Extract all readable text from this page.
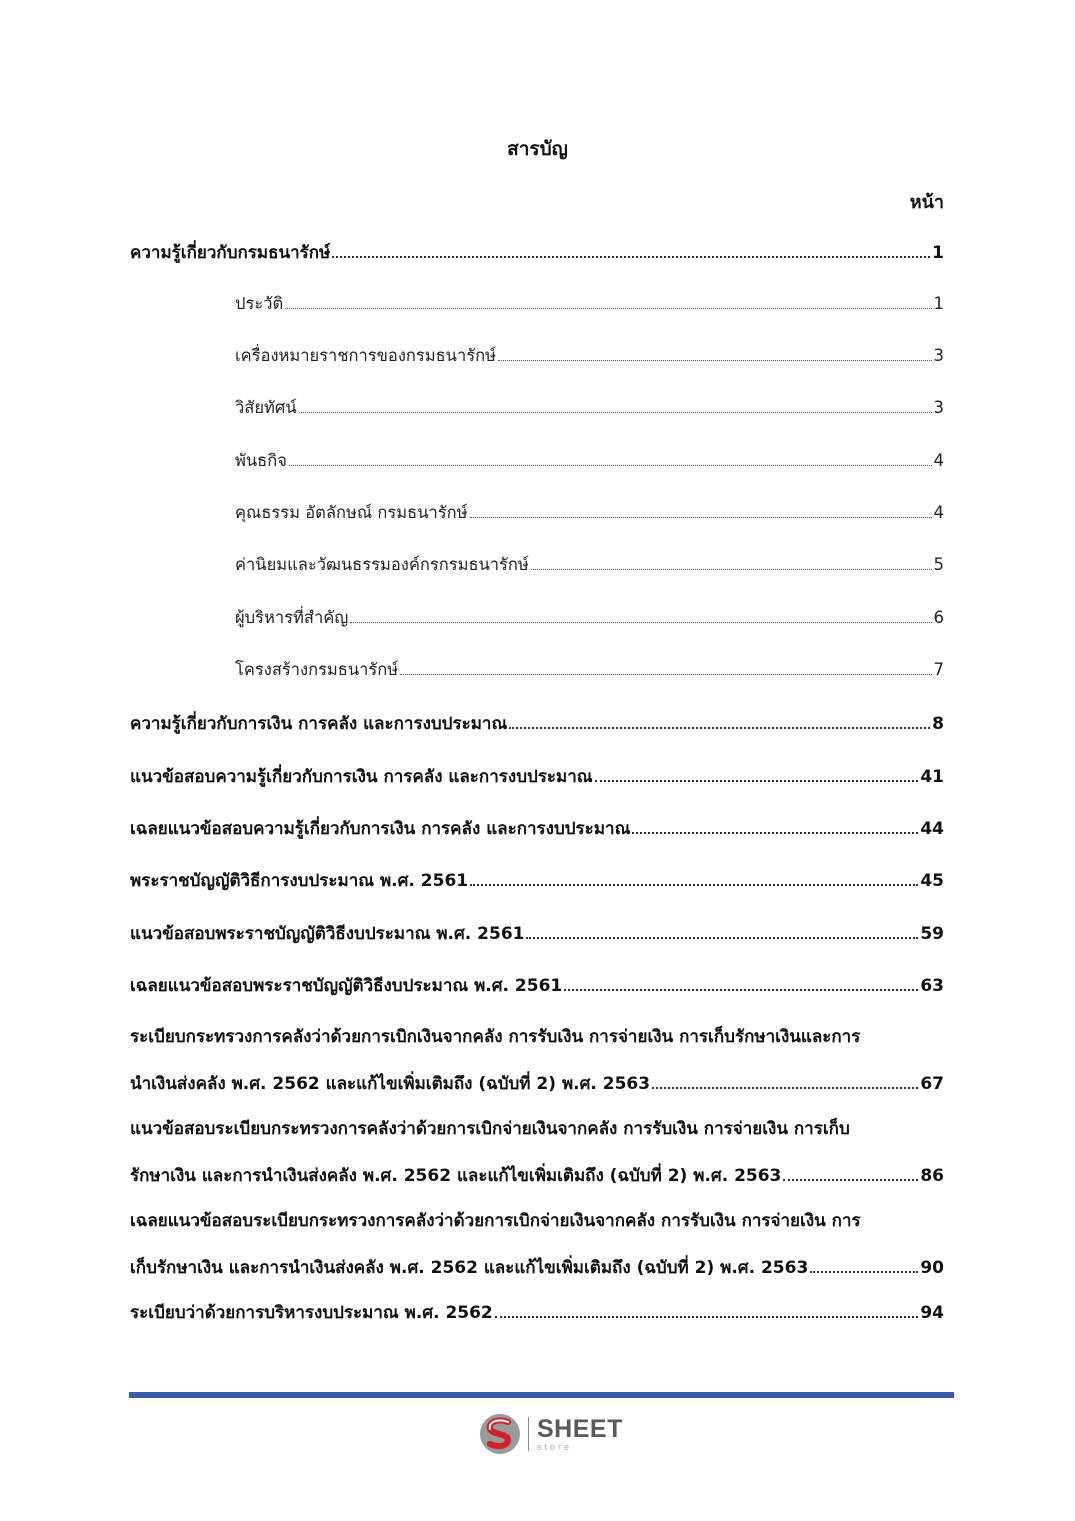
สารบัญ
หน้า
ความรู้เกี่ยวกับกรมธนารักษ์	1
ประวัติ	1
เครื่องหมายราชการของกรมธนารักษ์	3
วิสัยทัศน์	3
พันธกิจ	4
คุณธรรม อัตลักษณ์ กรมธนารักษ์	4
ค่านิยมและวัฒนธรรมองค์กรกรมธนารักษ์	5
ผู้บริหารที่สำคัญ	6
โครงสร้างกรมธนารักษ์	7
ความรู้เกี่ยวกับการเงิน การคลัง และการงบประมาณ	8
แนวข้อสอบความรู้เกี่ยวกับการเงิน การคลัง และการงบประมาณ	41
เฉลยแนวข้อสอบความรู้เกี่ยวกับการเงิน การคลัง และการงบประมาณ	44
พระราชบัญญัติวิธีการงบประมาณ พ.ศ. 2561	45
แนวข้อสอบพระราชบัญญัติวิธีงบประมาณ พ.ศ. 2561	59
เฉลยแนวข้อสอบพระราชบัญญัติวิธีงบประมาณ พ.ศ. 2561	63
ระเบียบกระทรวงการคลังว่าด้วยการเบิกเงินจากคลัง การรับเงิน การจ่ายเงิน การเก็บรักษาเงินและการ
นำเงินส่งคลัง พ.ศ. 2562 และแก้ไขเพิ่มเติมถึง (ฉบับที่ 2) พ.ศ. 2563	67
แนวข้อสอบระเบียบกระทรวงการคลังว่าด้วยการเบิกจ่ายเงินจากคลัง การรับเงิน การจ่ายเงิน การเก็บ
รักษาเงิน และการนำเงินส่งคลัง พ.ศ. 2562 และแก้ไขเพิ่มเติมถึง (ฉบับที่ 2) พ.ศ. 2563	86
เฉลยแนวข้อสอบระเบียบกระทรวงการคลังว่าด้วยการเบิกจ่ายเงินจากคลัง การรับเงิน การจ่ายเงิน การ
เก็บรักษาเงิน และการนำเงินส่งคลัง พ.ศ. 2562 และแก้ไขเพิ่มเติมถึง (ฉบับที่ 2) พ.ศ. 2563	90
ระเบียบว่าด้วยการบริหารงบประมาณ พ.ศ. 2562	94
SHEET
store
